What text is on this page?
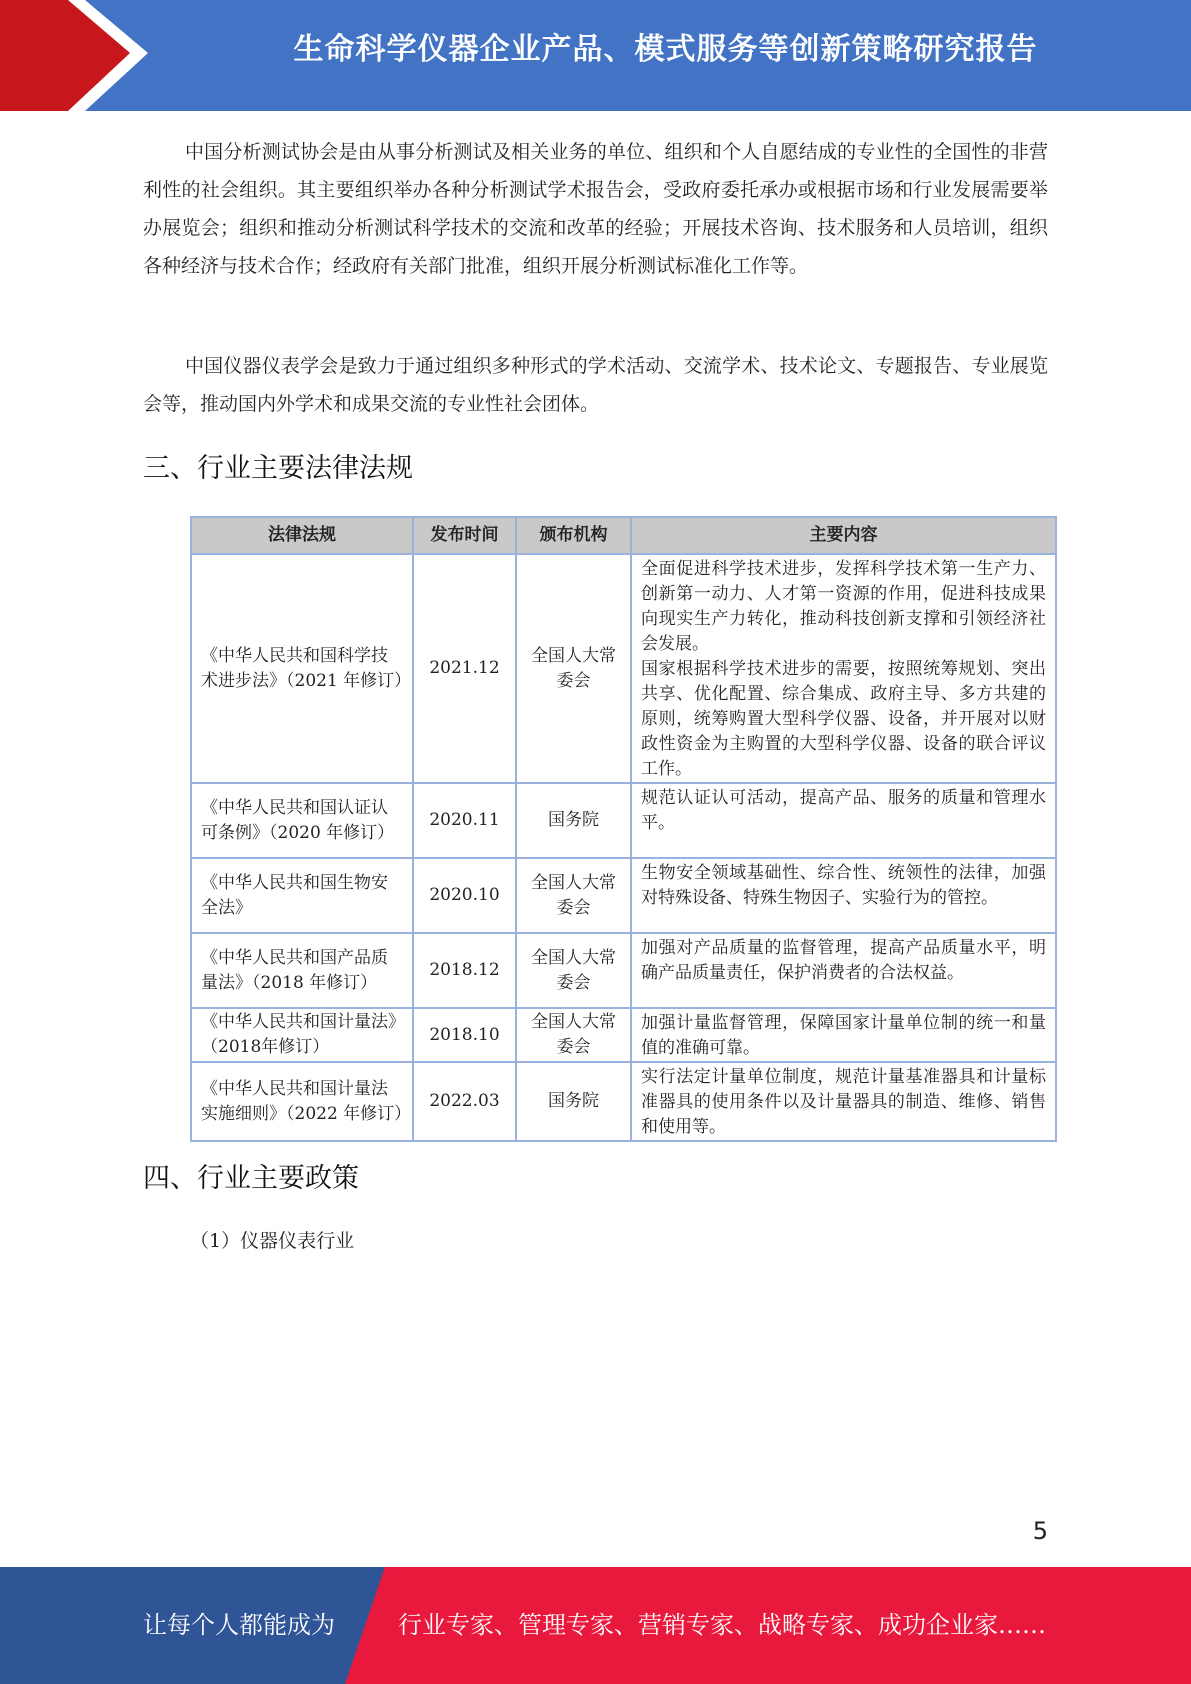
生命科学仪器企业产品、模式服务等创新策略研究报告

中国分析测试协会是由从事分析测试及相关业务的单位、组织和个人自愿结成的专业性的全国性的非营利性的社会组织。其主要组织举办各种分析测试学术报告会，受政府委托承办或根据市场和行业发展需要举办展览会；组织和推动分析测试科学技术的交流和改革的经验；开展技术咨询、技术服务和人员培训，组织各种经济与技术合作；经政府有关部门批准，组织开展分析测试标准化工作等。

中国仪器仪表学会是致力于通过组织多种形式的学术活动、交流学术、技术论文、专题报告、专业展览会等，推动国内外学术和成果交流的专业性社会团体。

三、行业主要法律法规
法律法规	发布时间	颁布机构	主要内容
《中华人民共和国科学技术进步法》（2021 年修订）	2021.12	全国人大常委会	全面促进科学技术进步，发挥科学技术第一生产力、创新第一动力、人才第一资源的作用，促进科技成果向现实生产力转化，推动科技创新支撑和引领经济社会发展。
国家根据科学技术进步的需要，按照统筹规划、突出共享、优化配置、综合集成、政府主导、多方共建的原则，统筹购置大型科学仪器、设备，并开展对以财政性资金为主购置的大型科学仪器、设备的联合评议工作。

《中华人民共和国认证认可条例》（2020 年修订）	2020.11	国务院	规范认证认可活动，提高产品、服务的质量和管理水平。
《中华人民共和国生物安全法》	2020.10	全国人大常委会	生物安全领域基础性、综合性、统领性的法律，加强对特殊设备、特殊生物因子、实验行为的管控。
《中华人民共和国产品质量法》（2018 年修订）	2018.12	全国人大常委会	加强对产品质量的监督管理，提高产品质量水平，明确产品质量责任，保护消费者的合法权益。
《中华人民共和国计量法》（2018年修订）	2018.10	全国人大常委会	加强计量监督管理，保障国家计量单位制的统一和量值的准确可靠。
《中华人民共和国计量法实施细则》（2022 年修订）	2022.03	国务院	实行法定计量单位制度，规范计量基准器具和计量标准器具的使用条件以及计量器具的制造、维修、销售和使用等。
四、行业主要政策

（1）仪器仪表行业

5
让每个人都能成为	行业专家、管理专家、营销专家、战略专家、成功企业家……
